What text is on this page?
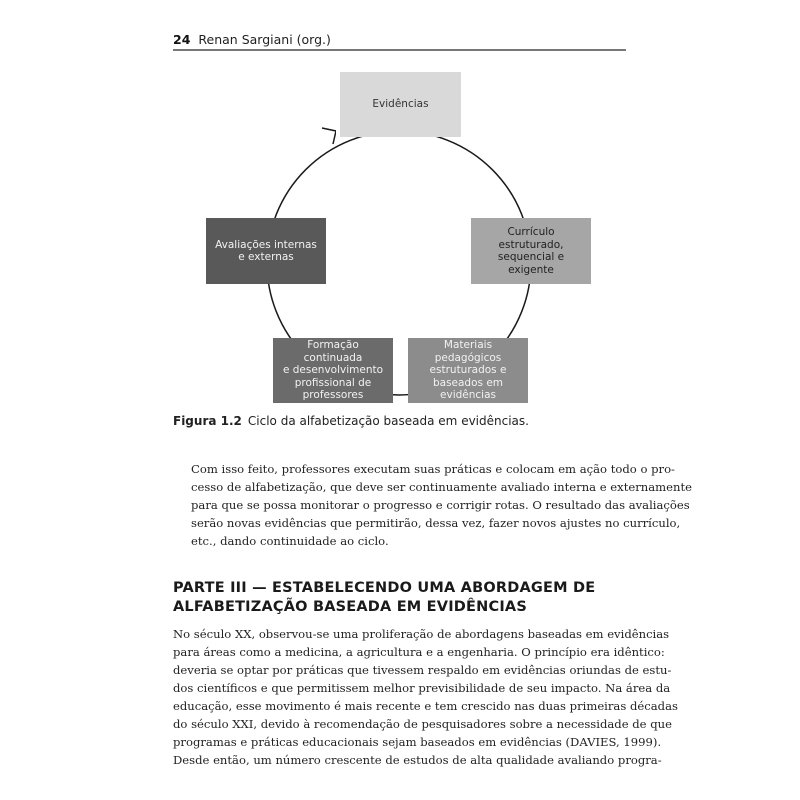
24 Renan Sargiani (org.)
Evidências
Currículo
estruturado,
sequencial e exigente
Materiais pedagógicos
estruturados e
baseados em
evidências
Formação continuada
e desenvolvimento
profissional de
professores
Avaliações internas
e externas
Figura 1.2 Ciclo da alfabetização baseada em evidências.
Com isso feito, professores executam suas práticas e colocam em ação todo o pro-
cesso de alfabetização, que deve ser continuamente avaliado interna e externamente
para que se possa monitorar o progresso e corrigir rotas. O resultado das avaliações
serão novas evidências que permitirão, dessa vez, fazer novos ajustes no currículo,
etc., dando continuidade ao ciclo.
PARTE III — ESTABELECENDO UMA ABORDAGEM DE
ALFABETIZAÇÃO BASEADA EM EVIDÊNCIAS
No século XX, observou-se uma proliferação de abordagens baseadas em evidências
para áreas como a medicina, a agricultura e a engenharia. O princípio era idêntico:
deveria se optar por práticas que tivessem respaldo em evidências oriundas de estu-
dos científicos e que permitissem melhor previsibilidade de seu impacto. Na área da
educação, esse movimento é mais recente e tem crescido nas duas primeiras décadas
do século XXI, devido à recomendação de pesquisadores sobre a necessidade de que
programas e práticas educacionais sejam baseados em evidências (DAVIES, 1999).
Desde então, um número crescente de estudos de alta qualidade avaliando progra-
